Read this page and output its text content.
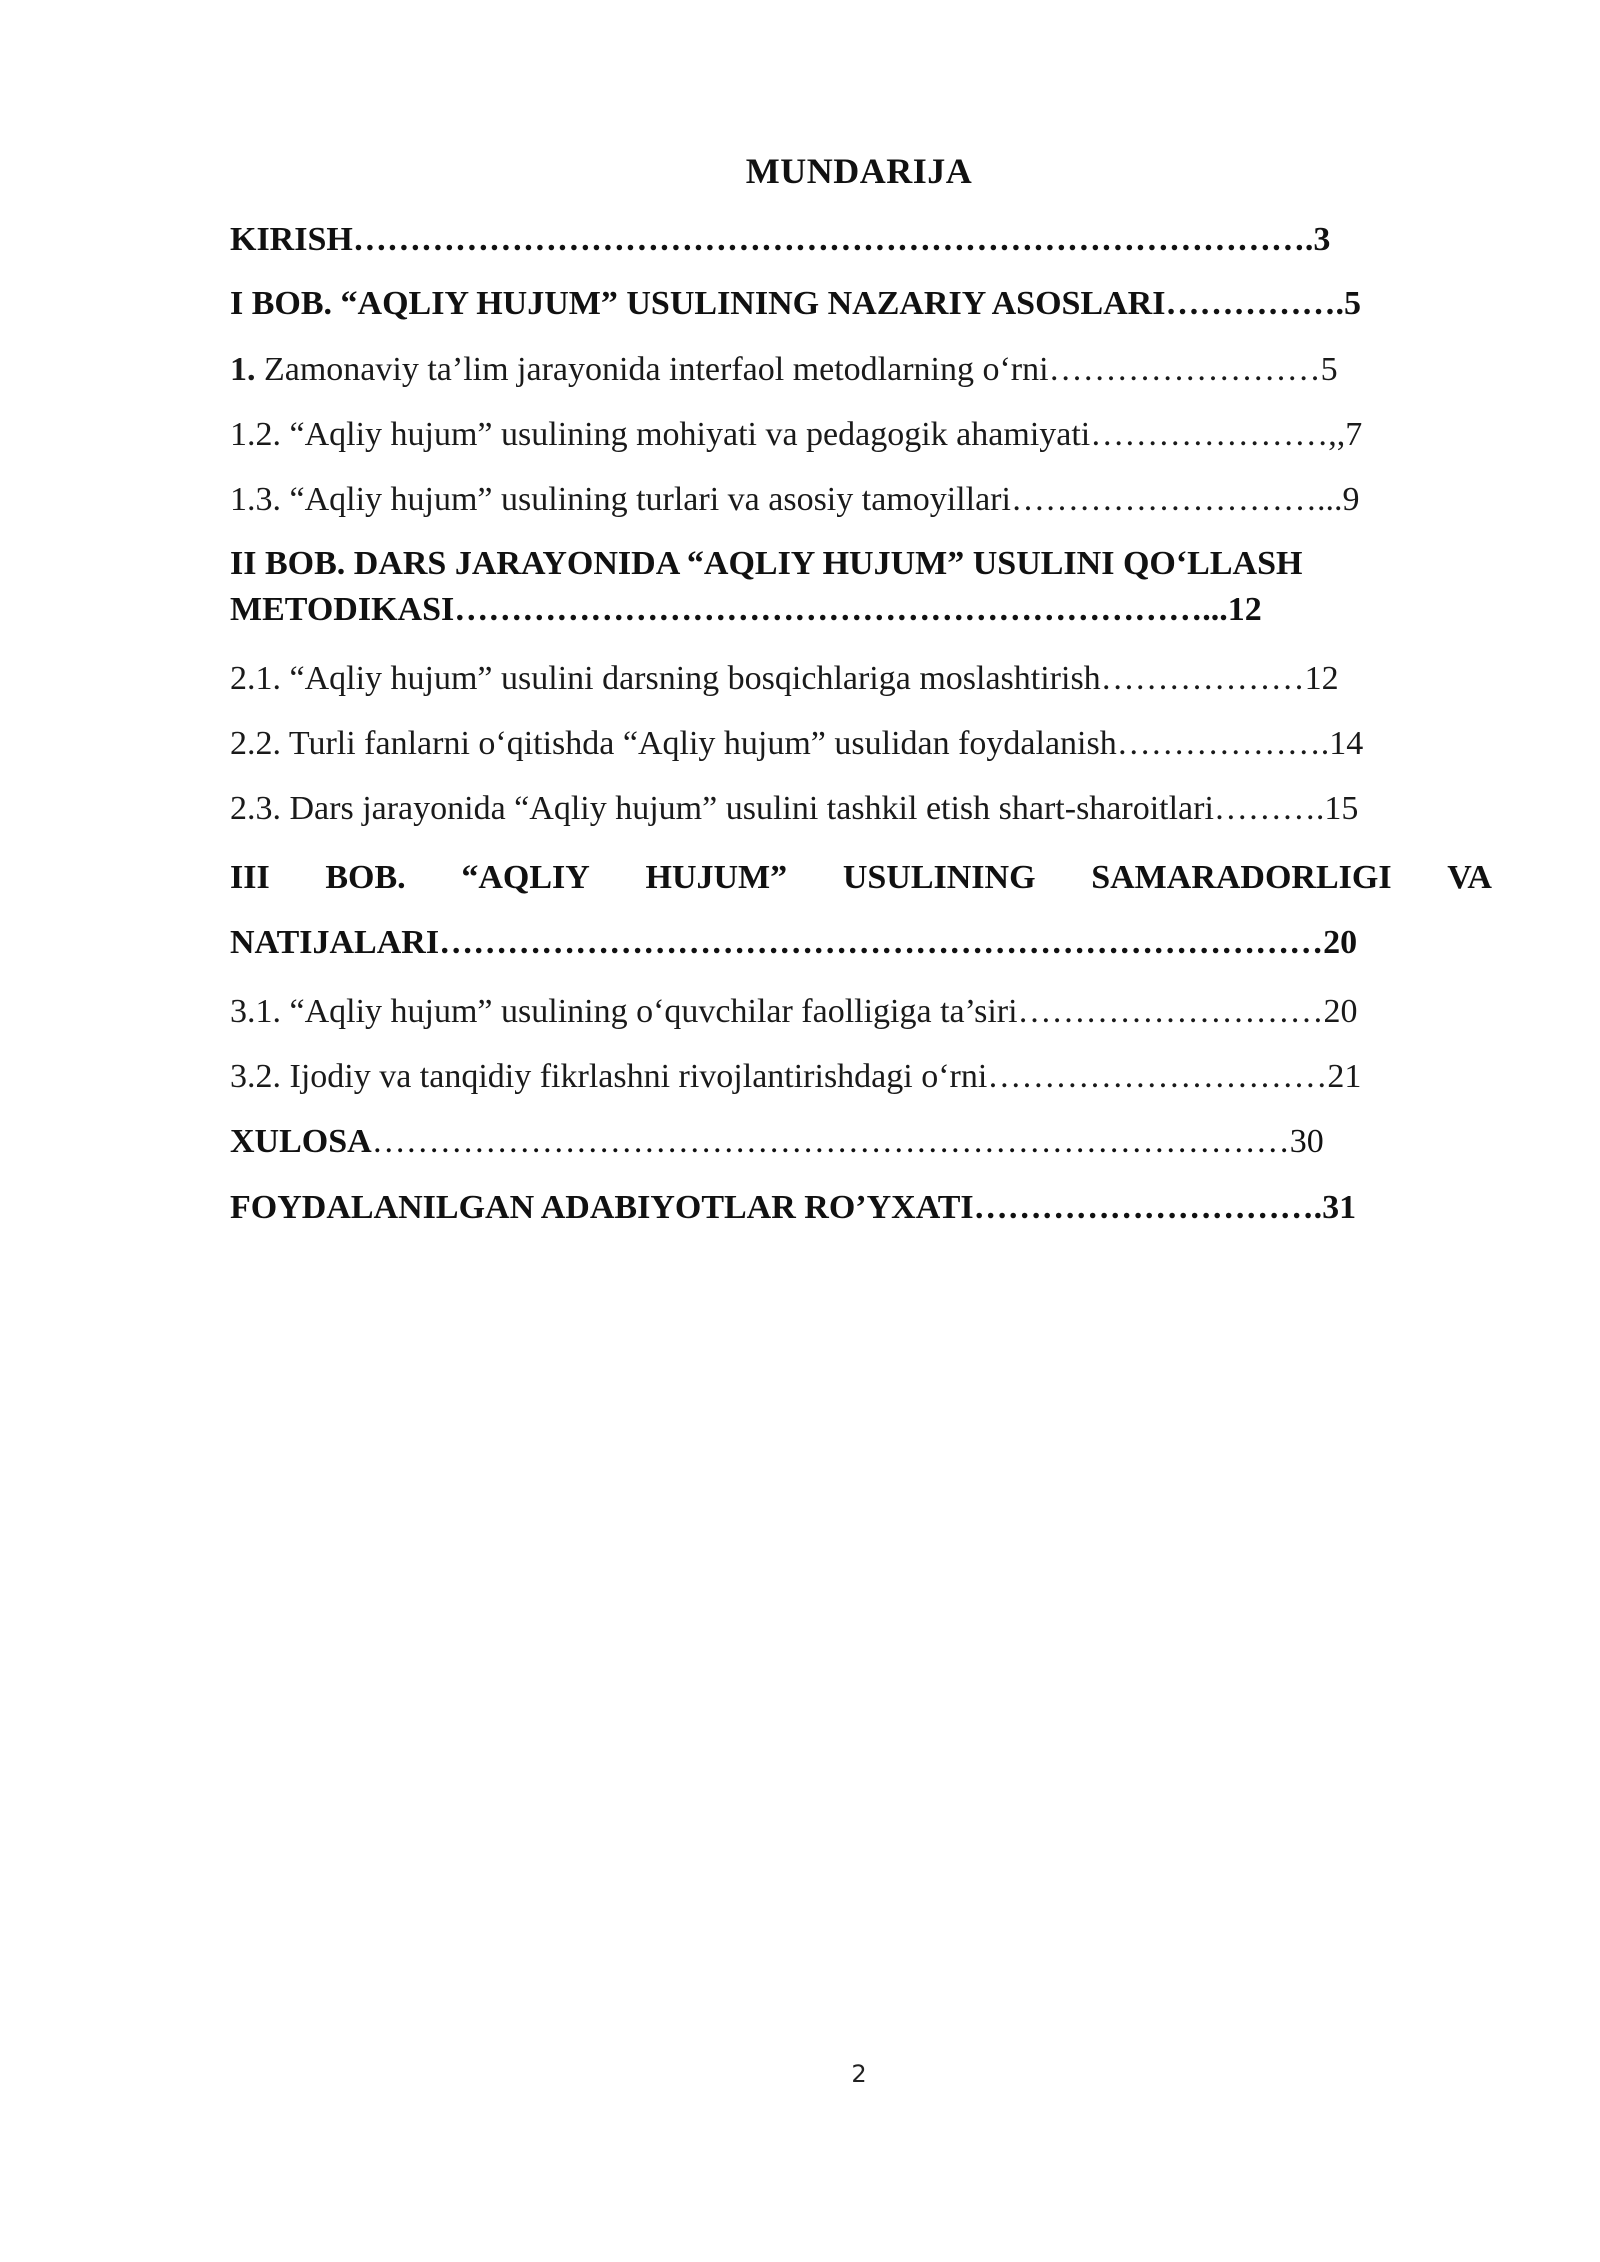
MUNDARIJA
KIRISH………………………………………………………………………….3
I BOB. “AQLIY HUJUM” USULINING NAZARIY ASOSLARI…………….5
1. Zamonaviy ta’lim jarayonida interfaol metodlarning o‘rni……………………5
1.2. “Aqliy hujum” usulining mohiyati va pedagogik ahamiyati…………………,,7
1.3. “Aqliy hujum” usulining turlari va asosiy tamoyillari………………………...9
II BOB. DARS JARAYONIDA “AQLIY HUJUM” USULINI QO‘LLASH
METODIKASI…………………………………………………………...12
2.1. “Aqliy hujum” usulini darsning bosqichlariga moslashtirish………………12
2.2. Turli fanlarni o‘qitishda “Aqliy hujum” usulidan foydalanish……………….14
2.3. Dars jarayonida “Aqliy hujum” usulini tashkil etish shart-sharoitlari……….15
III BOB. “AQLIY HUJUM” USULINING SAMARADORLIGI VA
NATIJALARI……………………………………………………………………20
3.1. “Aqliy hujum” usulining o‘quvchilar faolligiga ta’siri………………………20
3.2. Ijodiy va tanqidiy fikrlashni rivojlantirishdagi o‘rni…………………………21
XULOSA………………………………………………………………………30
FOYDALANILGAN ADABIYOTLAR RO’YXATI………………………….31
2
